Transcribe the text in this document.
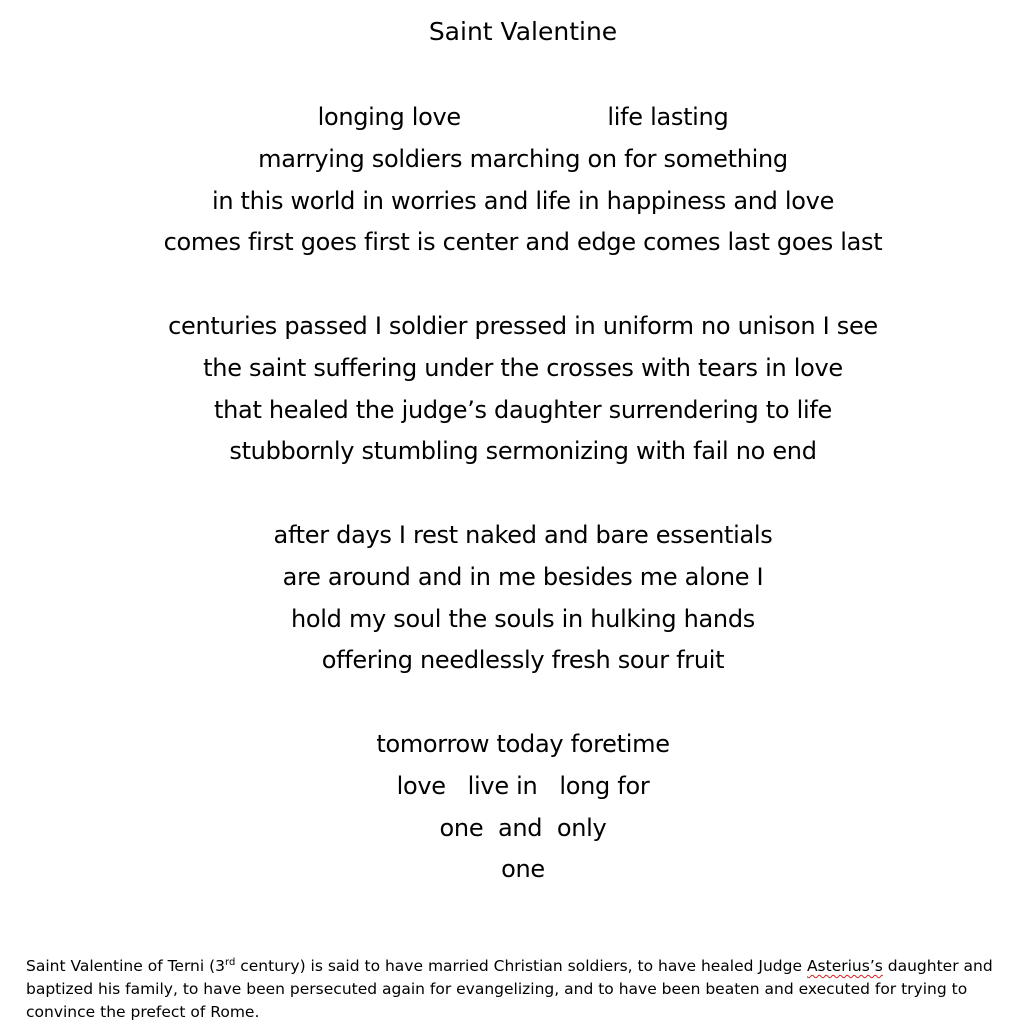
Saint Valentine
longing love                    life lasting
marrying soldiers marching on for something
in this world in worries and life in happiness and love
comes first goes first is center and edge comes last goes last
centuries passed I soldier pressed in uniform no unison I see
the saint suffering under the crosses with tears in love
that healed the judge’s daughter surrendering to life
stubbornly stumbling sermonizing with fail no end
after days I rest naked and bare essentials
are around and in me besides me alone I
hold my soul the souls in hulking hands
offering needlessly fresh sour fruit
tomorrow today foretime
love   live in   long for
one  and  only
one
Saint Valentine of Terni (3rd century) is said to have married Christian soldiers, to have healed Judge Asterius’s daughter and baptized his family, to have been persecuted again for evangelizing, and to have been beaten and executed for trying to convince the prefect of Rome.
